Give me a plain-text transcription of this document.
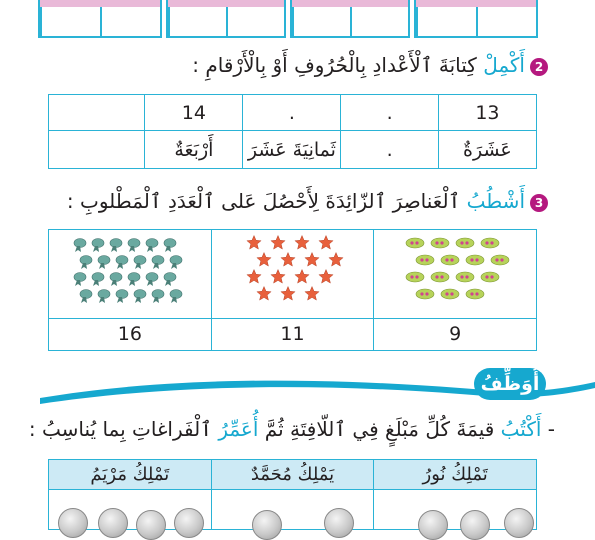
2
أَكْمِلْ كِتابَةَ ٱلْأَعْدادِ بِالْحُرُوفِ أَوْ بِالْأَرْقامِ :
13	.	.	14	
عَشَرَةٌ	.	ثَمانِيَةَ عَشَرَ	أَرْبَعَةٌ	
3
أَشْطُبُ ٱلْعَناصِرَ ٱلزّائِدَةَ لِأَحْصُلَ عَلى ٱلْعَدَدِ ٱلْمَطْلوبِ :

16	11	9
أُوَظِّفُ
- أَكْتُبُ قيمَةَ كُلِّ مَبْلَغٍ فِي ٱللّافِتَةِ ثُمَّ أُعَمِّرُ ٱلْفَراغاتِ بِما يُناسِبُ :
تَمْلِكُ نُورُ	يَمْلِكُ مُحَمَّدٌ	تَمْلِكُ مَرْيَمُ
